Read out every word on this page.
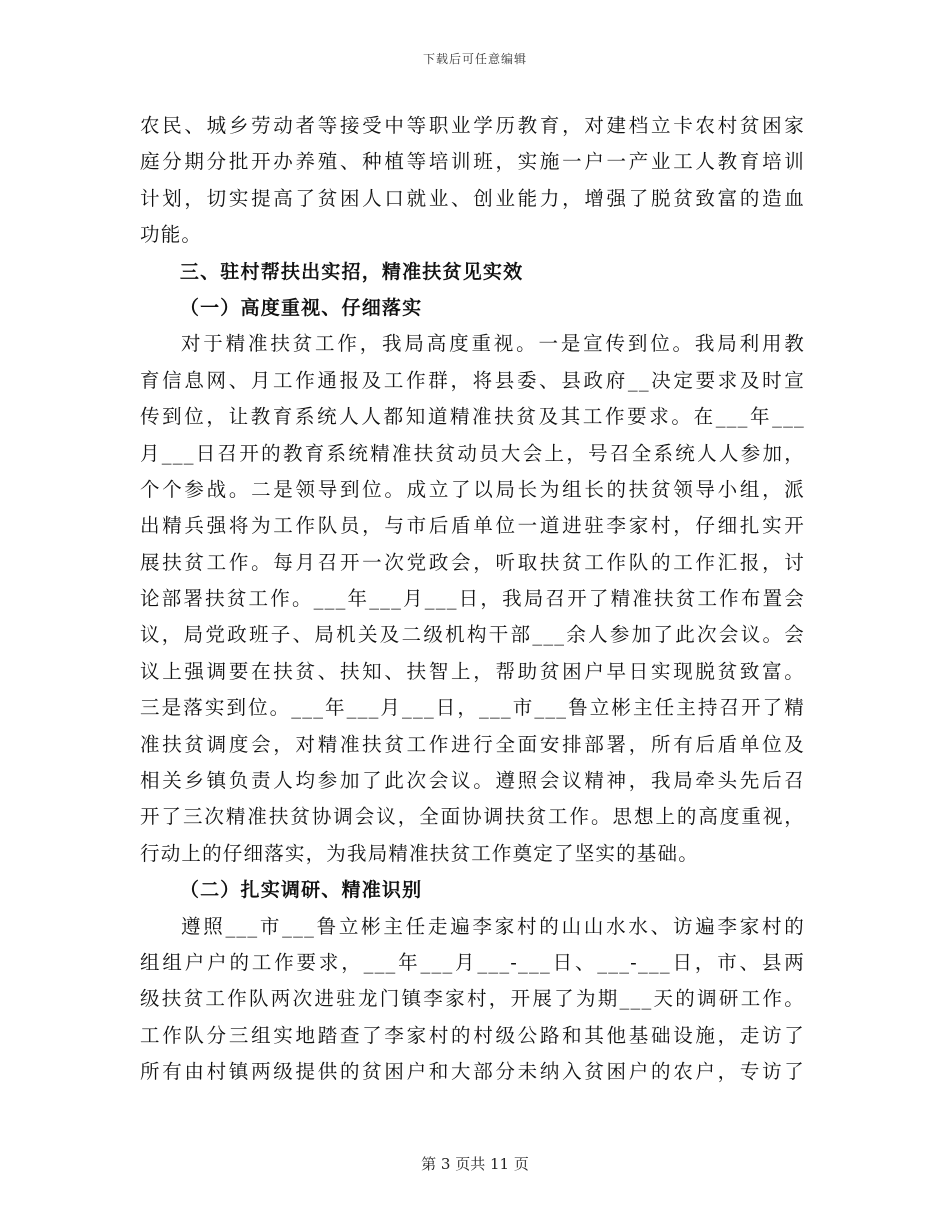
下载后可任意编辑
农民、城乡劳动者等接受中等职业学历教育，对建档立卡农村贫困家
庭分期分批开办养殖、种植等培训班，实施一户一产业工人教育培训
计划，切实提高了贫困人口就业、创业能力，增强了脱贫致富的造血
功能。
三、驻村帮扶出实招，精准扶贫见实效
（一）高度重视、仔细落实
对于精准扶贫工作，我局高度重视。一是宣传到位。我局利用教
育信息网、月工作通报及工作群，将县委、县政府__决定要求及时宣
传到位，让教育系统人人都知道精准扶贫及其工作要求。在___年___
月___日召开的教育系统精准扶贫动员大会上，号召全系统人人参加，
个个参战。二是领导到位。成立了以局长为组长的扶贫领导小组，派
出精兵强将为工作队员，与市后盾单位一道进驻李家村，仔细扎实开
展扶贫工作。每月召开一次党政会，听取扶贫工作队的工作汇报，讨
论部署扶贫工作。___年___月___日，我局召开了精准扶贫工作布置会
议，局党政班子、局机关及二级机构干部___余人参加了此次会议。会
议上强调要在扶贫、扶知、扶智上，帮助贫困户早日实现脱贫致富。
三是落实到位。___年___月___日，___市___鲁立彬主任主持召开了精
准扶贫调度会，对精准扶贫工作进行全面安排部署，所有后盾单位及
相关乡镇负责人均参加了此次会议。遵照会议精神，我局牵头先后召
开了三次精准扶贫协调会议，全面协调扶贫工作。思想上的高度重视，
行动上的仔细落实，为我局精准扶贫工作奠定了坚实的基础。
（二）扎实调研、精准识别
遵照___市___鲁立彬主任走遍李家村的山山水水、访遍李家村的
组组户户的工作要求，___年___月___-___日、___-___日，市、县两
级扶贫工作队两次进驻龙门镇李家村，开展了为期___天的调研工作。
工作队分三组实地踏查了李家村的村级公路和其他基础设施，走访了
所有由村镇两级提供的贫困户和大部分未纳入贫困户的农户，专访了
第 3 页共 11 页
